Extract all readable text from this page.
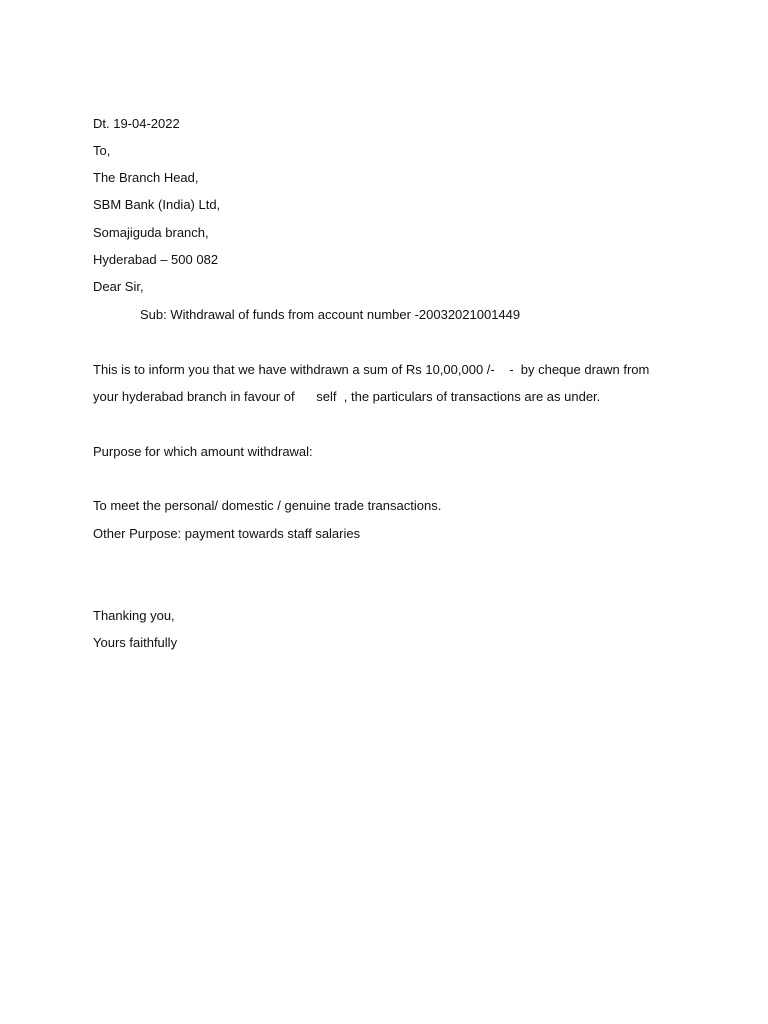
Dt. 19-04-2022
To,
The Branch Head,
SBM Bank (India) Ltd,
Somajiguda branch,
Hyderabad – 500 082
Dear Sir,
Sub: Withdrawal of funds from account number -20032021001449
This is to inform you that we have withdrawn a sum of Rs 10,00,000 /-    -  by cheque drawn from
your hyderabad branch in favour of      self  , the particulars of transactions are as under.
Purpose for which amount withdrawal:
To meet the personal/ domestic / genuine trade transactions.
Other Purpose: payment towards staff salaries
Thanking you,
Yours faithfully
